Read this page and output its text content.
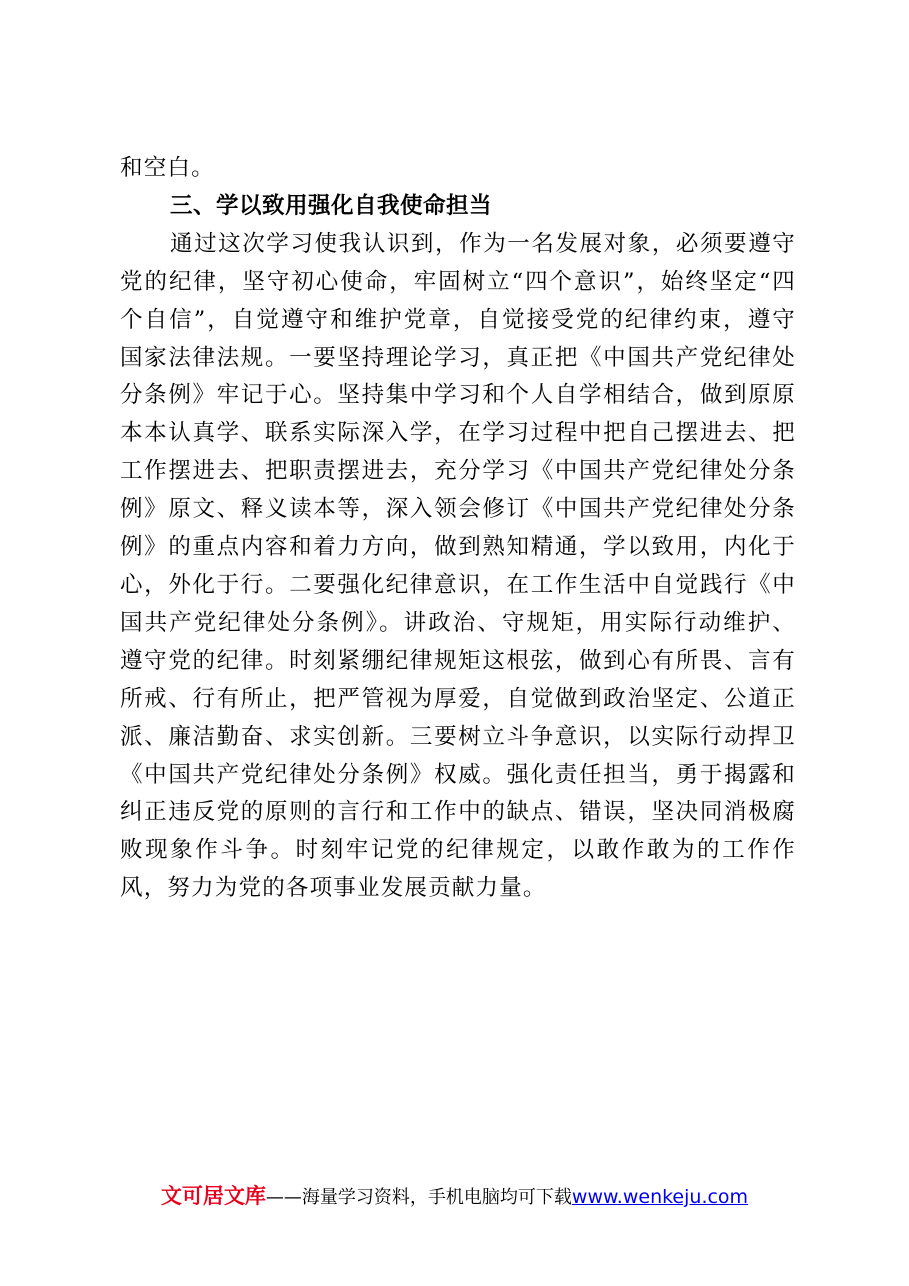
和空白。

三、学以致用强化自我使命担当

通过这次学习使我认识到，作为一名发展对象，必须要遵守党的纪律，坚守初心使命，牢固树立“四个意识”，始终坚定“四个自信”，自觉遵守和维护党章，自觉接受党的纪律约束，遵守国家法律法规。一要坚持理论学习，真正把《中国共产党纪律处分条例》牢记于心。坚持集中学习和个人自学相结合，做到原原本本认真学、联系实际深入学，在学习过程中把自己摆进去、把工作摆进去、把职责摆进去，充分学习《中国共产党纪律处分条例》原文、释义读本等，深入领会修订《中国共产党纪律处分条例》的重点内容和着力方向，做到熟知精通，学以致用，内化于心，外化于行。二要强化纪律意识，在工作生活中自觉践行《中国共产党纪律处分条例》。讲政治、守规矩，用实际行动维护、遵守党的纪律。时刻紧绷纪律规矩这根弦，做到心有所畏、言有所戒、行有所止，把严管视为厚爱，自觉做到政治坚定、公道正派、廉洁勤奋、求实创新。三要树立斗争意识，以实际行动捍卫《中国共产党纪律处分条例》权威。强化责任担当，勇于揭露和纠正违反党的原则的言行和工作中的缺点、错误，坚决同消极腐败现象作斗争。时刻牢记党的纪律规定，以敢作敢为的工作作风，努力为党的各项事业发展贡献力量。

文可居文库——海量学习资料，手机电脑均可下载www.wenkeju.com
